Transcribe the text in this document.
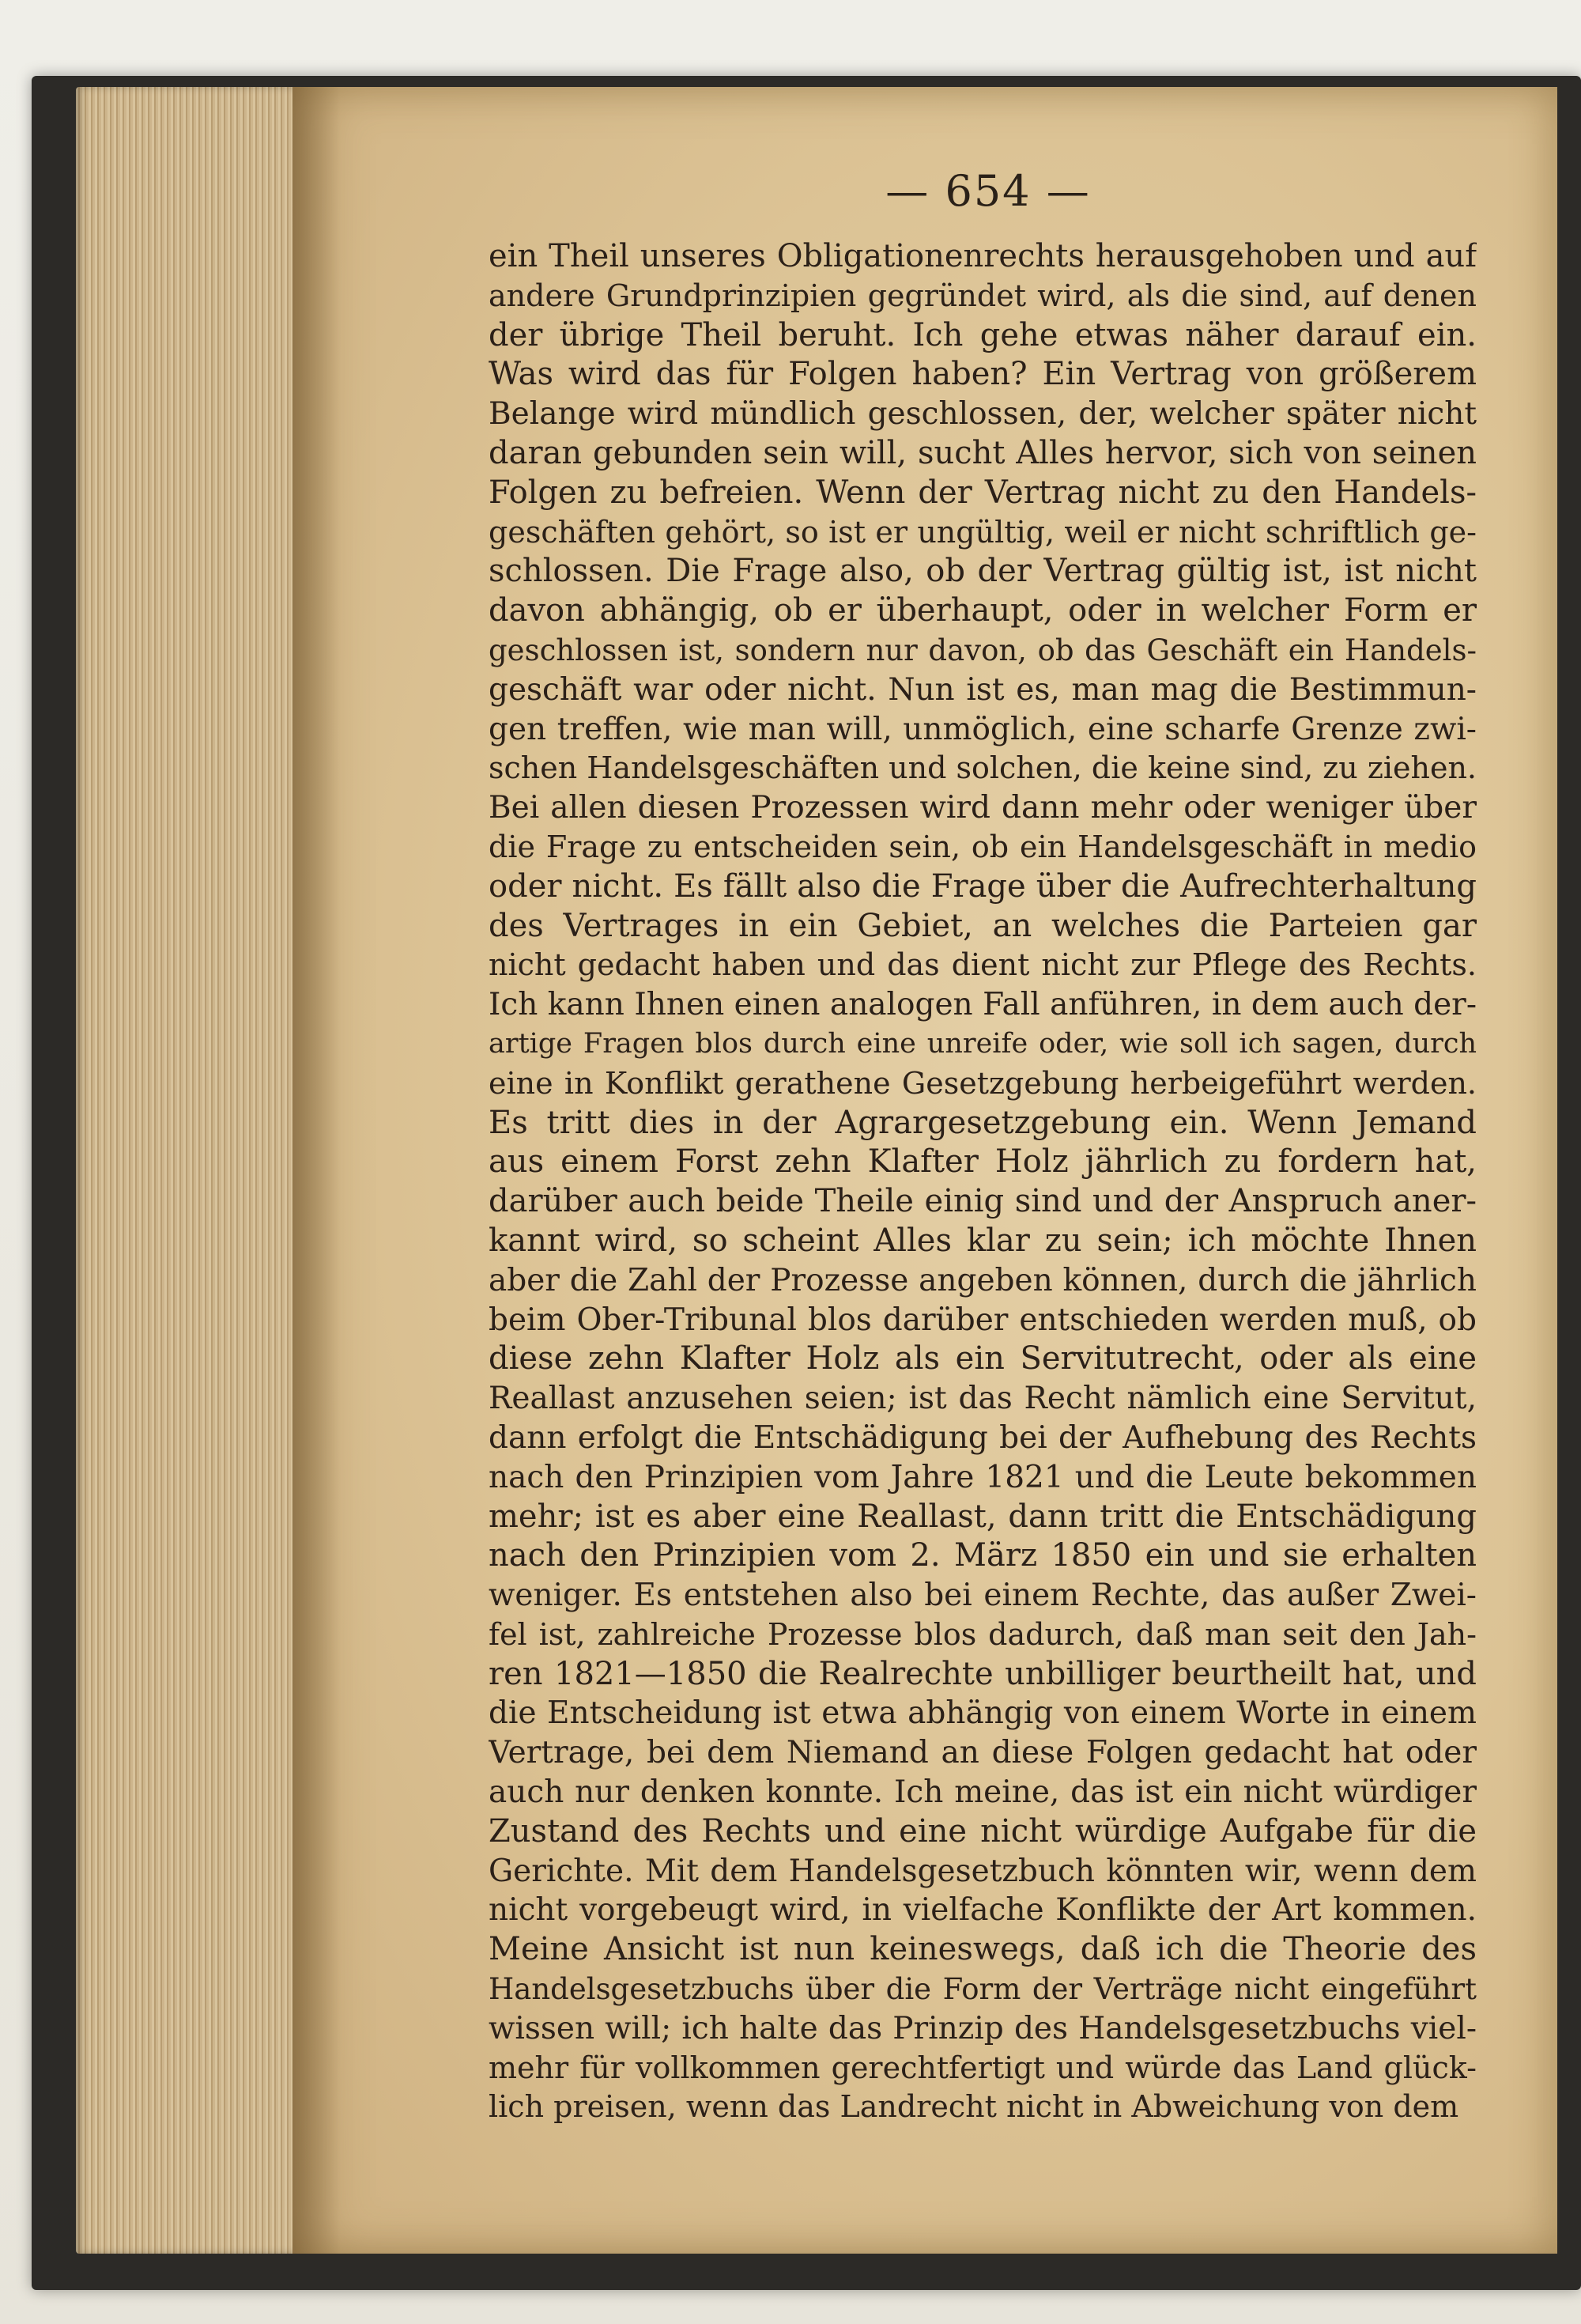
— 654 —
ein Theil unseres Obligationenrechts herausgehoben und auf
andere Grundprinzipien gegründet wird, als die sind, auf denen
der übrige Theil beruht. Ich gehe etwas näher darauf ein.
Was wird das für Folgen haben? Ein Vertrag von größerem
Belange wird mündlich geschlossen, der, welcher später nicht
daran gebunden sein will, sucht Alles hervor, sich von seinen
Folgen zu befreien. Wenn der Vertrag nicht zu den Handels-
geschäften gehört, so ist er ungültig, weil er nicht schriftlich ge-
schlossen. Die Frage also, ob der Vertrag gültig ist, ist nicht
davon abhängig, ob er überhaupt, oder in welcher Form er
geschlossen ist, sondern nur davon, ob das Geschäft ein Handels-
geschäft war oder nicht. Nun ist es, man mag die Bestimmun-
gen treffen, wie man will, unmöglich, eine scharfe Grenze zwi-
schen Handelsgeschäften und solchen, die keine sind, zu ziehen.
Bei allen diesen Prozessen wird dann mehr oder weniger über
die Frage zu entscheiden sein, ob ein Handelsgeschäft in medio
oder nicht. Es fällt also die Frage über die Aufrechterhaltung
des Vertrages in ein Gebiet, an welches die Parteien gar
nicht gedacht haben und das dient nicht zur Pflege des Rechts.
Ich kann Ihnen einen analogen Fall anführen, in dem auch der-
artige Fragen blos durch eine unreife oder, wie soll ich sagen, durch
eine in Konflikt gerathene Gesetzgebung herbeigeführt werden.
Es tritt dies in der Agrargesetzgebung ein. Wenn Jemand
aus einem Forst zehn Klafter Holz jährlich zu fordern hat,
darüber auch beide Theile einig sind und der Anspruch aner-
kannt wird, so scheint Alles klar zu sein; ich möchte Ihnen
aber die Zahl der Prozesse angeben können, durch die jährlich
beim Ober-Tribunal blos darüber entschieden werden muß, ob
diese zehn Klafter Holz als ein Servitutrecht, oder als eine
Reallast anzusehen seien; ist das Recht nämlich eine Servitut,
dann erfolgt die Entschädigung bei der Aufhebung des Rechts
nach den Prinzipien vom Jahre 1821 und die Leute bekommen
mehr; ist es aber eine Reallast, dann tritt die Entschädigung
nach den Prinzipien vom 2. März 1850 ein und sie erhalten
weniger. Es entstehen also bei einem Rechte, das außer Zwei-
fel ist, zahlreiche Prozesse blos dadurch, daß man seit den Jah-
ren 1821—1850 die Realrechte unbilliger beurtheilt hat, und
die Entscheidung ist etwa abhängig von einem Worte in einem
Vertrage, bei dem Niemand an diese Folgen gedacht hat oder
auch nur denken konnte. Ich meine, das ist ein nicht würdiger
Zustand des Rechts und eine nicht würdige Aufgabe für die
Gerichte. Mit dem Handelsgesetzbuch könnten wir, wenn dem
nicht vorgebeugt wird, in vielfache Konflikte der Art kommen.
Meine Ansicht ist nun keineswegs, daß ich die Theorie des
Handelsgesetzbuchs über die Form der Verträge nicht eingeführt
wissen will; ich halte das Prinzip des Handelsgesetzbuchs viel-
mehr für vollkommen gerechtfertigt und würde das Land glück-
lich preisen, wenn das Landrecht nicht in Abweichung von dem
